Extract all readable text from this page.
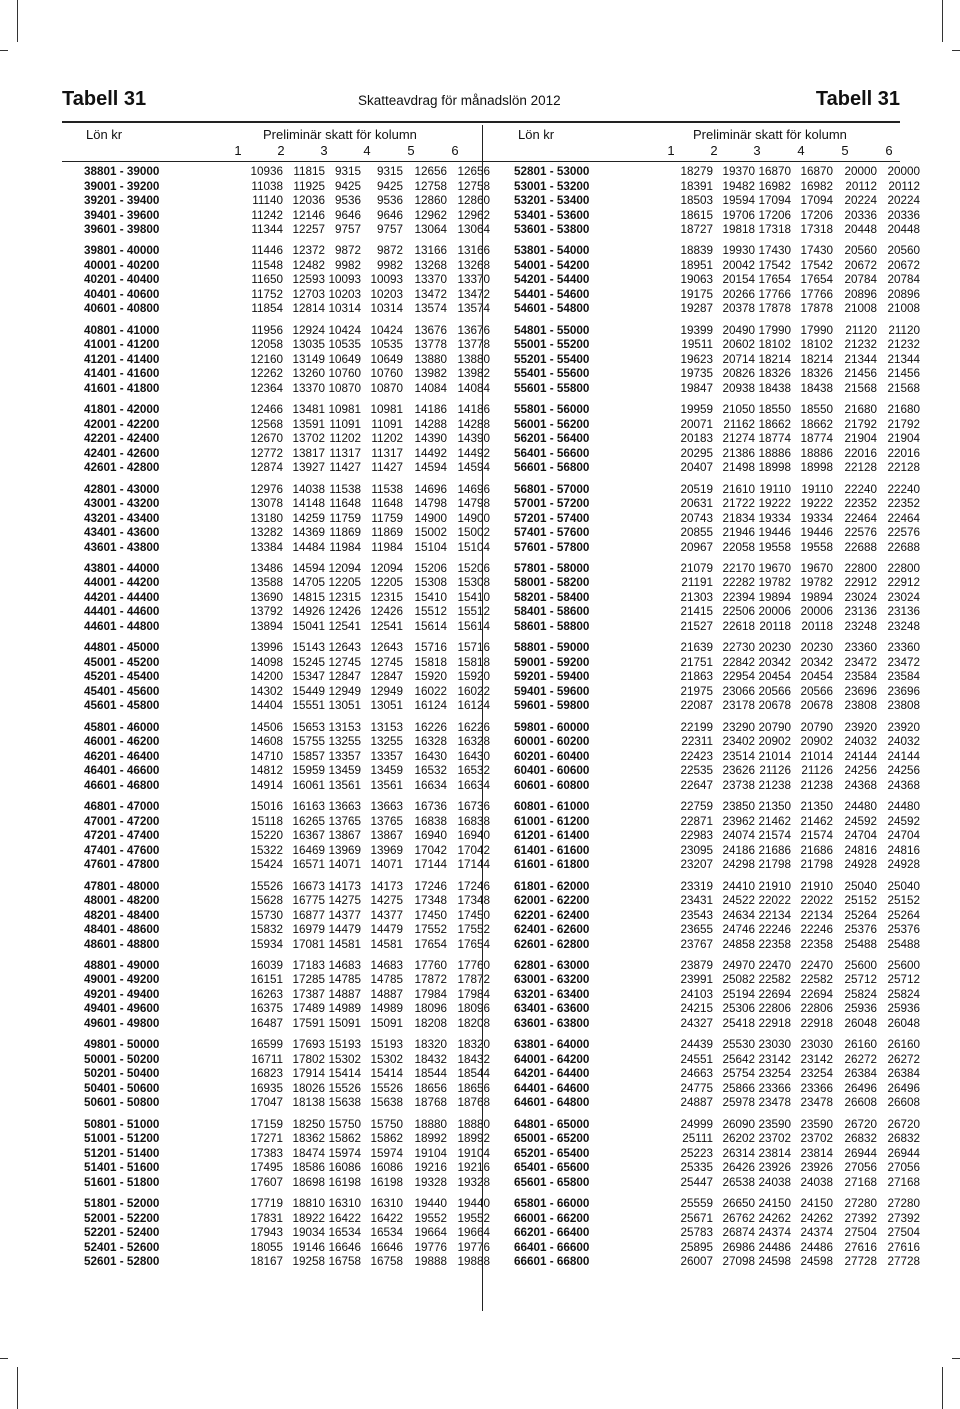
Tabell 31	Skatteavdrag för månadslön 2012	Tabell 31
Lön kr	Preliminär skatt för kolumn
1	2	3	4	5	6
Lön kr	Preliminär skatt för kolumn
1	2	3	4	5	6
38801 - 39000	10936 11815 9315	9315 12656 12656
39001 - 39200	11038 11925 9425	9425 12758 12758
39201 - 39400	11140 12036 9536	9536 12860 12860
39401 - 39600	11242 12146 9646	9646 12962 12962
39601 - 39800	11344 12257 9757	9757 13064 13064
39801 - 40000	11446 12372 9872	9872 13166 13166
40001 - 40200	11548 12482 9982	9982 13268 13268
40201 - 40400	11650 12593 10093 10093 13370 13370
40401 - 40600	11752 12703 10203 10203 13472 13472
40601 - 40800	11854 12814 10314 10314 13574 13574
40801 - 41000	11956 12924 10424 10424 13676 13676
41001 - 41200	12058 13035 10535 10535 13778 13778
41201 - 41400	12160 13149 10649 10649 13880 13880
41401 - 41600	12262 13260 10760 10760 13982 13982
41601 - 41800	12364 13370 10870 10870 14084 14084
41801 - 42000	12466 13481 10981 10981 14186 14186
42001 - 42200	12568 13591 11091 11091 14288 14288
42201 - 42400	12670 13702 11202 11202 14390 14390
42401 - 42600	12772 13817 11317 11317 14492 14492
42601 - 42800	12874 13927 11427 11427 14594 14594
42801 - 43000	12976 14038 11538 11538 14696 14696
43001 - 43200	13078 14148 11648 11648 14798 14798
43201 - 43400	13180 14259 11759 11759 14900 14900
43401 - 43600	13282 14369 11869 11869 15002 15002
43601 - 43800	13384 14484 11984 11984 15104 15104
43801 - 44000	13486 14594 12094 12094 15206 15206
44001 - 44200	13588 14705 12205 12205 15308 15308
44201 - 44400	13690 14815 12315 12315 15410 15410
44401 - 44600	13792 14926 12426 12426 15512 15512
44601 - 44800	13894 15041 12541 12541 15614 15614
44801 - 45000	13996 15143 12643 12643 15716 15716
45001 - 45200	14098 15245 12745 12745 15818 15818
45201 - 45400	14200 15347 12847 12847 15920 15920
45401 - 45600	14302 15449 12949 12949 16022 16022
45601 - 45800	14404 15551 13051 13051 16124 16124
45801 - 46000	14506 15653 13153 13153 16226 16226
46001 - 46200	14608 15755 13255 13255 16328 16328
46201 - 46400	14710 15857 13357 13357 16430 16430
46401 - 46600	14812 15959 13459 13459 16532 16532
46601 - 46800	14914 16061 13561 13561 16634 16634
46801 - 47000	15016 16163 13663 13663 16736 16736
47001 - 47200	15118 16265 13765 13765 16838 16838
47201 - 47400	15220 16367 13867 13867 16940 16940
47401 - 47600	15322 16469 13969 13969 17042 17042
47601 - 47800	15424 16571 14071 14071 17144 17144
47801 - 48000	15526 16673 14173 14173 17246 17246
48001 - 48200	15628 16775 14275 14275 17348 17348
48201 - 48400	15730 16877 14377 14377 17450 17450
48401 - 48600	15832 16979 14479 14479 17552 17552
48601 - 48800	15934 17081 14581 14581 17654 17654
48801 - 49000	16039 17183 14683 14683 17760 17760
49001 - 49200	16151 17285 14785 14785 17872 17872
49201 - 49400	16263 17387 14887 14887 17984 17984
49401 - 49600	16375 17489 14989 14989 18096 18096
49601 - 49800	16487 17591 15091 15091 18208 18208
49801 - 50000	16599 17693 15193 15193 18320 18320
50001 - 50200	16711 17802 15302 15302 18432 18432
50201 - 50400	16823 17914 15414 15414 18544 18544
50401 - 50600	16935 18026 15526 15526 18656 18656
50601 - 50800	17047 18138 15638 15638 18768 18768
50801 - 51000	17159 18250 15750 15750 18880 18880
51001 - 51200	17271 18362 15862 15862 18992 18992
51201 - 51400	17383 18474 15974 15974 19104 19104
51401 - 51600	17495 18586 16086 16086 19216 19216
51601 - 51800	17607 18698 16198 16198 19328 19328
51801 - 52000	17719 18810 16310 16310 19440 19440
52001 - 52200	17831 18922 16422 16422 19552 19552
52201 - 52400	17943 19034 16534 16534 19664 19664
52401 - 52600	18055 19146 16646 16646 19776 19776
52601 - 52800	18167 19258 16758 16758 19888 19888
52801 - 53000	18279 19370 16870 16870 20000 20000
53001 - 53200	18391 19482 16982 16982	20112 20112
53201 - 53400	18503 19594 17094 17094 20224 20224
53401 - 53600	18615 19706 17206 17206 20336 20336
53601 - 53800	18727 19818 17318 17318 20448 20448
53801 - 54000	18839 19930 17430 17430 20560 20560
54001 - 54200	18951 20042 17542 17542 20672 20672
54201 - 54400	19063 20154 17654 17654 20784 20784
54401 - 54600	19175 20266 17766 17766 20896 20896
54601 - 54800	19287 20378 17878 17878 21008 21008
54801 - 55000	19399 20490 17990 17990	21120 21120
55001 - 55200	19511 20602 18102 18102 21232 21232
55201 - 55400	19623 20714 18214 18214 21344 21344
55401 - 55600	19735 20826 18326 18326 21456 21456
55601 - 55800	19847 20938 18438 18438 21568 21568
55801 - 56000	19959 21050 18550 18550 21680 21680
56001 - 56200	20071 21162 18662 18662 21792 21792
56201 - 56400	20183 21274 18774 18774 21904 21904
56401 - 56600	20295 21386 18886 18886 22016 22016
56601 - 56800	20407 21498 18998 18998 22128 22128
56801 - 57000	20519 21610 19110 19110 22240 22240
57001 - 57200	20631 21722 19222 19222 22352 22352
57201 - 57400	20743 21834 19334 19334 22464 22464
57401 - 57600	20855 21946 19446 19446 22576 22576
57601 - 57800	20967 22058 19558 19558 22688 22688
57801 - 58000	21079 22170 19670 19670 22800 22800
58001 - 58200	21191 22282 19782 19782 22912 22912
58201 - 58400	21303 22394 19894 19894 23024 23024
58401 - 58600	21415 22506 20006 20006 23136 23136
58601 - 58800	21527 22618 20118 20118 23248 23248
58801 - 59000	21639 22730 20230 20230 23360 23360
59001 - 59200	21751 22842 20342 20342 23472 23472
59201 - 59400	21863 22954 20454 20454 23584 23584
59401 - 59600	21975 23066 20566 20566 23696 23696
59601 - 59800	22087 23178 20678 20678 23808 23808
59801 - 60000	22199 23290 20790 20790 23920 23920
60001 - 60200	22311 23402 20902 20902 24032 24032
60201 - 60400	22423 23514 21014 21014 24144 24144
60401 - 60600	22535 23626 21126 21126 24256 24256
60601 - 60800	22647 23738 21238 21238 24368 24368
60801 - 61000	22759 23850 21350 21350 24480 24480
61001 - 61200	22871 23962 21462 21462 24592 24592
61201 - 61400	22983 24074 21574 21574 24704 24704
61401 - 61600	23095 24186 21686 21686 24816 24816
61601 - 61800	23207 24298 21798 21798 24928 24928
61801 - 62000	23319 24410 21910 21910 25040 25040
62001 - 62200	23431 24522 22022 22022 25152 25152
62201 - 62400	23543 24634 22134 22134 25264 25264
62401 - 62600	23655 24746 22246 22246 25376 25376
62601 - 62800	23767 24858 22358 22358 25488 25488
62801 - 63000	23879 24970 22470 22470 25600 25600
63001 - 63200	23991 25082 22582 22582 25712 25712
63201 - 63400	24103 25194 22694 22694 25824 25824
63401 - 63600	24215 25306 22806 22806 25936 25936
63601 - 63800	24327 25418 22918 22918 26048 26048
63801 - 64000	24439 25530 23030 23030 26160 26160
64001 - 64200	24551 25642 23142 23142 26272 26272
64201 - 64400	24663 25754 23254 23254 26384 26384
64401 - 64600	24775 25866 23366 23366 26496 26496
64601 - 64800	24887 25978 23478 23478 26608 26608
64801 - 65000	24999 26090 23590 23590 26720 26720
65001 - 65200	25111 26202 23702 23702 26832 26832
65201 - 65400	25223 26314 23814 23814 26944 26944
65401 - 65600	25335 26426 23926 23926 27056 27056
65601 - 65800	25447 26538 24038 24038 27168 27168
65801 - 66000	25559 26650 24150 24150 27280 27280
66001 - 66200	25671 26762 24262 24262 27392 27392
66201 - 66400	25783 26874 24374 24374 27504 27504
66401 - 66600	25895 26986 24486 24486 27616 27616
66601 - 66800	26007 27098 24598 24598 27728 27728
